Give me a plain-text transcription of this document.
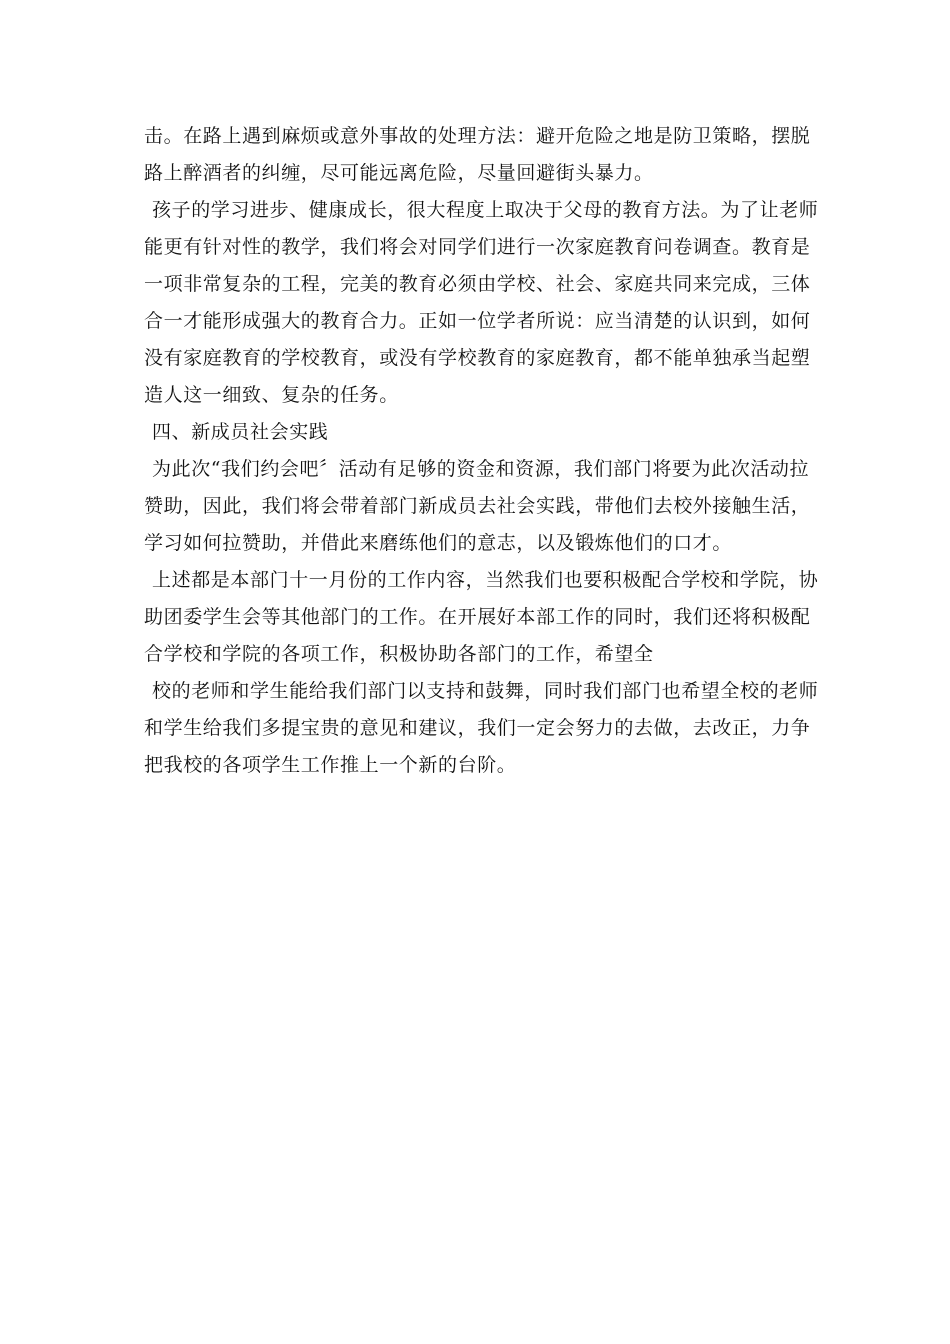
击。在路上遇到麻烦或意外事故的处理方法：避开危险之地是防卫策略，摆脱
路上醉酒者的纠缠，尽可能远离危险，尽量回避街头暴力。
孩子的学习进步、健康成长，很大程度上取决于父母的教育方法。为了让老师
能更有针对性的教学，我们将会对同学们进行一次家庭教育问卷调查。教育是
一项非常复杂的工程，完美的教育必须由学校、社会、家庭共同来完成，三体
合一才能形成强大的教育合力。正如一位学者所说：应当清楚的认识到，如何
没有家庭教育的学校教育，或没有学校教育的家庭教育，都不能单独承当起塑
造人这一细致、复杂的任务。
四、新成员社会实践
为此次“我们约会吧〞活动有足够的资金和资源，我们部门将要为此次活动拉
赞助，因此，我们将会带着部门新成员去社会实践，带他们去校外接触生活，
学习如何拉赞助，并借此来磨练他们的意志，以及锻炼他们的口才。
上述都是本部门十一月份的工作内容，当然我们也要积极配合学校和学院，协
助团委学生会等其他部门的工作。在开展好本部工作的同时，我们还将积极配
合学校和学院的各项工作，积极协助各部门的工作，希望全
校的老师和学生能给我们部门以支持和鼓舞，同时我们部门也希望全校的老师
和学生给我们多提宝贵的意见和建议，我们一定会努力的去做，去改正，力争
把我校的各项学生工作推上一个新的台阶。
